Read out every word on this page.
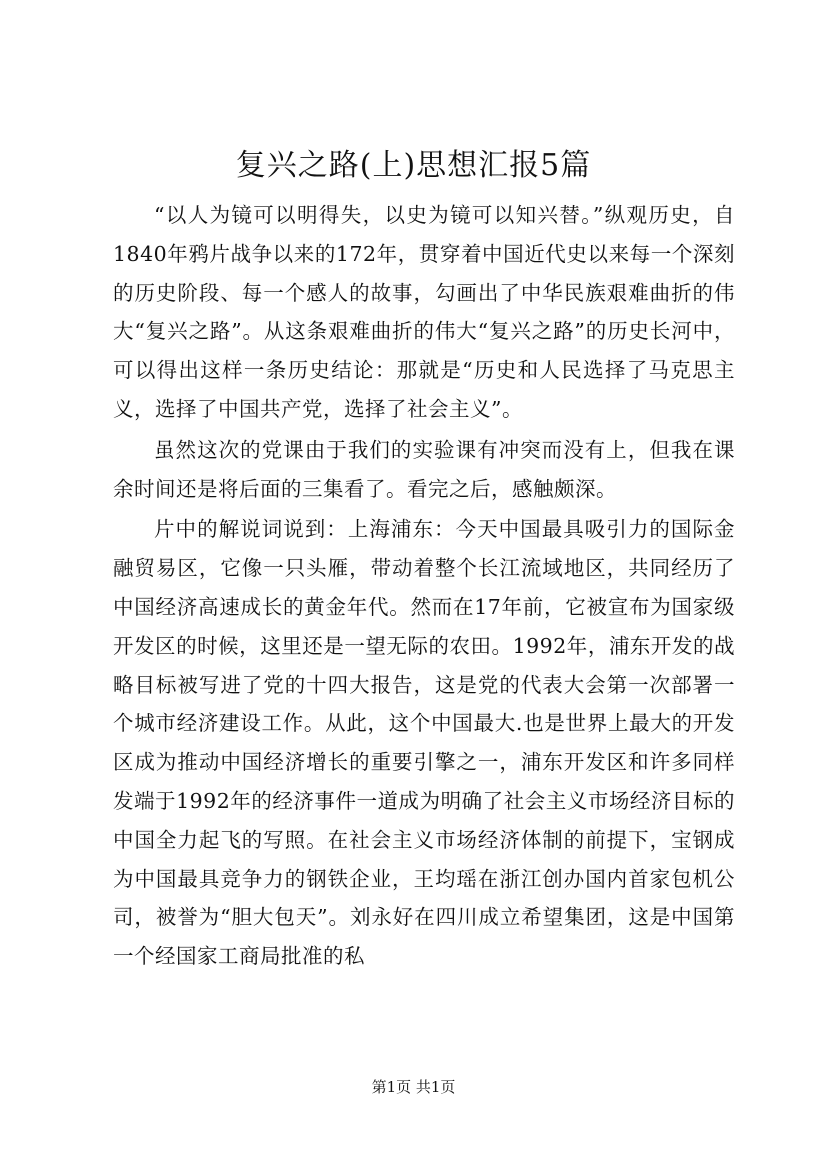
复兴之路(上)思想汇报5篇

“以人为镜可以明得失，以史为镜可以知兴替。”纵观历史，自1840年鸦片战争以来的172年，贯穿着中国近代史以来每一个深刻的历史阶段、每一个感人的故事，勾画出了中华民族艰难曲折的伟大“复兴之路”。从这条艰难曲折的伟大“复兴之路”的历史长河中，可以得出这样一条历史结论：那就是“历史和人民选择了马克思主义，选择了中国共产党，选择了社会主义”。

虽然这次的党课由于我们的实验课有冲突而没有上，但我在课余时间还是将后面的三集看了。看完之后，感触颇深。

片中的解说词说到：上海浦东：今天中国最具吸引力的国际金融贸易区，它像一只头雁，带动着整个长江流域地区，共同经历了中国经济高速成长的黄金年代。然而在17年前，它被宣布为国家级开发区的时候，这里还是一望无际的农田。1992年，浦东开发的战略目标被写进了党的十四大报告，这是党的代表大会第一次部署一个城市经济建设工作。从此，这个中国最大.也是世界上最大的开发区成为推动中国经济增长的重要引擎之一，浦东开发区和许多同样发端于1992年的经济事件一道成为明确了社会主义市场经济目标的中国全力起飞的写照。在社会主义市场经济体制的前提下，宝钢成为中国最具竞争力的钢铁企业，王均瑶在浙江创办国内首家包机公司，被誉为“胆大包天”。刘永好在四川成立希望集团，这是中国第一个经国家工商局批准的私

第1页 共1页
